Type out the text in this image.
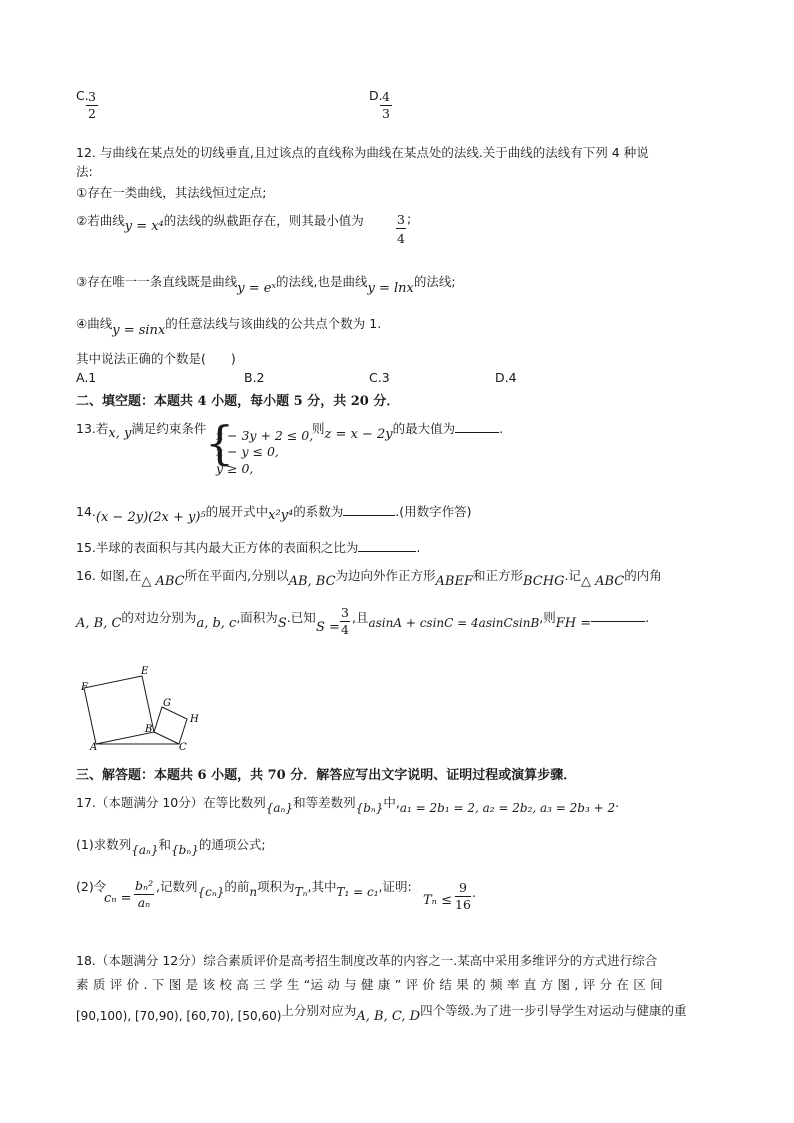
C.
$\frac{3}{2}$	D.
$\frac{4}{3}$
12. 与曲线在某点处的切线垂直,且过该点的直线称为曲线在某点处的法线.关于曲线的法线有下列 4 种说
法:
①存在一类曲线，其法线恒过定点;
②若曲线y = x⁴的法线的纵截距存在，则其最小值为	$\frac{3}{4}$ ;
③存在唯一一条直线既是曲线y = eˣ的法线,也是曲线y = lnx的法线;
④曲线y = sinx的任意法线与该曲线的公共点个数为 1.
其中说法正确的个数是(　　)
A.1	B.2	C.3	D.4
二、填空题：本题共 4 小题，每小题 5 分，共 20 分．
13.若x, y满足约束条件
{
x − 3y + 2 ≤ 0,
x − y ≤ 0,
y ≥ 0,
则z = x − 2y的最大值为	.
14.(x − 2y)(2x + y)⁵的展开式中x²y⁴的系数为	.(用数字作答)
15.半球的表面积与其内最大正方体的表面积之比为	.
16. 如图,在△ ABC所在平面内,分别以AB, BC为边向外作正方形ABEF和正方形BCHG.记△ ABC的内角
A, B, C的对边分别为a, b, c,面积为S.已知
$S = \frac{3}{4}$ ,且asinA + csinC = 4asinCsinB,则FH =	.
F
E
G
H
A
B
C
三、解答题：本题共 6 小题，共 70 分．解答应写出文字说明、证明过程或演算步骤．
17.（本题满分 10分）在等比数列{aₙ}和等差数列{bₙ}中,a₁ = 2b₁ = 2, a₂ = 2b₂, a₃ = 2b₃ + 2.
(1)求数列{aₙ}和{bₙ}的通项公式;
(2)令
$c_n = \frac{\text{bₙ²}}{\text{aₙ}}$ ,记数列{cₙ}的前n项积为Tₙ,其中T₁ = c₁,证明:
$T_n \le \frac{9}{16}$ .
18.（本题满分 12分）综合素质评价是高考招生制度改革的内容之一.某高中采用多维评分的方式进行综合
素 质 评 价 . 下 图 是 该 校 高 三 学 生 “运 动 与 健 康 ” 评 价 结 果 的 频 率 直 方 图 , 评 分 在 区 间
[90,100), [70,90), [60,70), [50,60)上分别对应为A, B, C, D四个等级.为了进一步引导学生对运动与健康的重
